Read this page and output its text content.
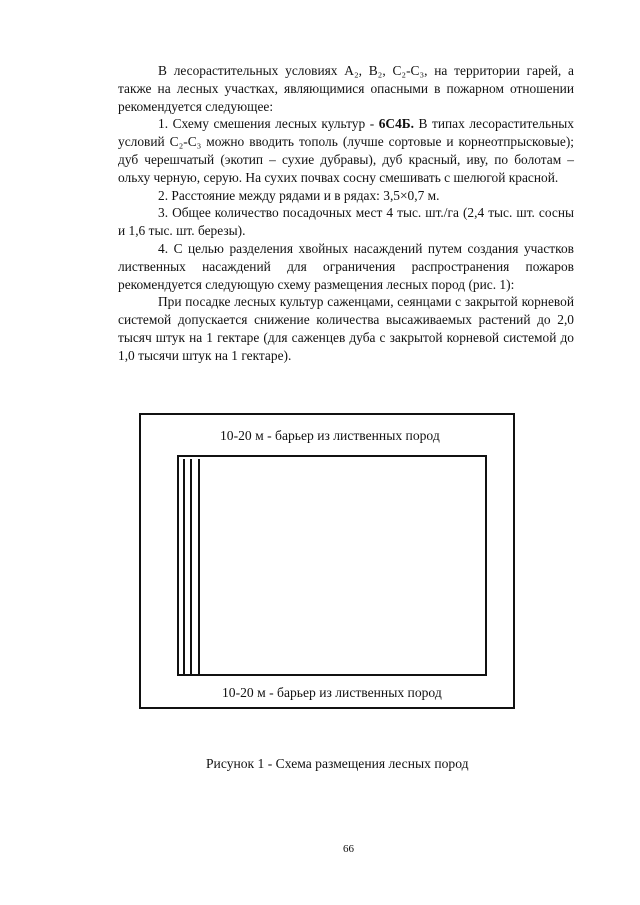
В лесорастительных условиях А₂, В₂, С₂-С₃, на территории гарей, а также на лесных участках, являющимися опасными в пожарном отношении рекомендуется следующее:

1. Схему смешения лесных культур - 6С4Б. В типах лесорастительных условий С₂-С₃ можно вводить тополь (лучше сортовые и корнеотпрысковые); дуб черешчатый (экотип – сухие дубравы), дуб красный, иву, по болотам – ольху черную, серую. На сухих почвах сосну смешивать с шелюгой красной.

2. Расстояние между рядами и в рядах: 3,5×0,7 м.

3. Общее количество посадочных мест 4 тыс. шт./га (2,4 тыс. шт. сосны и 1,6 тыс. шт. березы).

4. С целью разделения хвойных насаждений путем создания участков лиственных насаждений для ограничения распространения пожаров рекомендуется следующую схему размещения лесных пород (рис. 1):

При посадке лесных культур саженцами, сеянцами с закрытой корневой системой допускается снижение количества высаживаемых растений до 2,0 тысяч штук на 1 гектаре (для саженцев дуба с закрытой корневой системой до 1,0 тысячи штук на 1 гектаре).

10-20 м - барьер из лиственных пород
10-20 м - барьер из лиственных пород
Рисунок 1 - Схема размещения лесных пород
66
